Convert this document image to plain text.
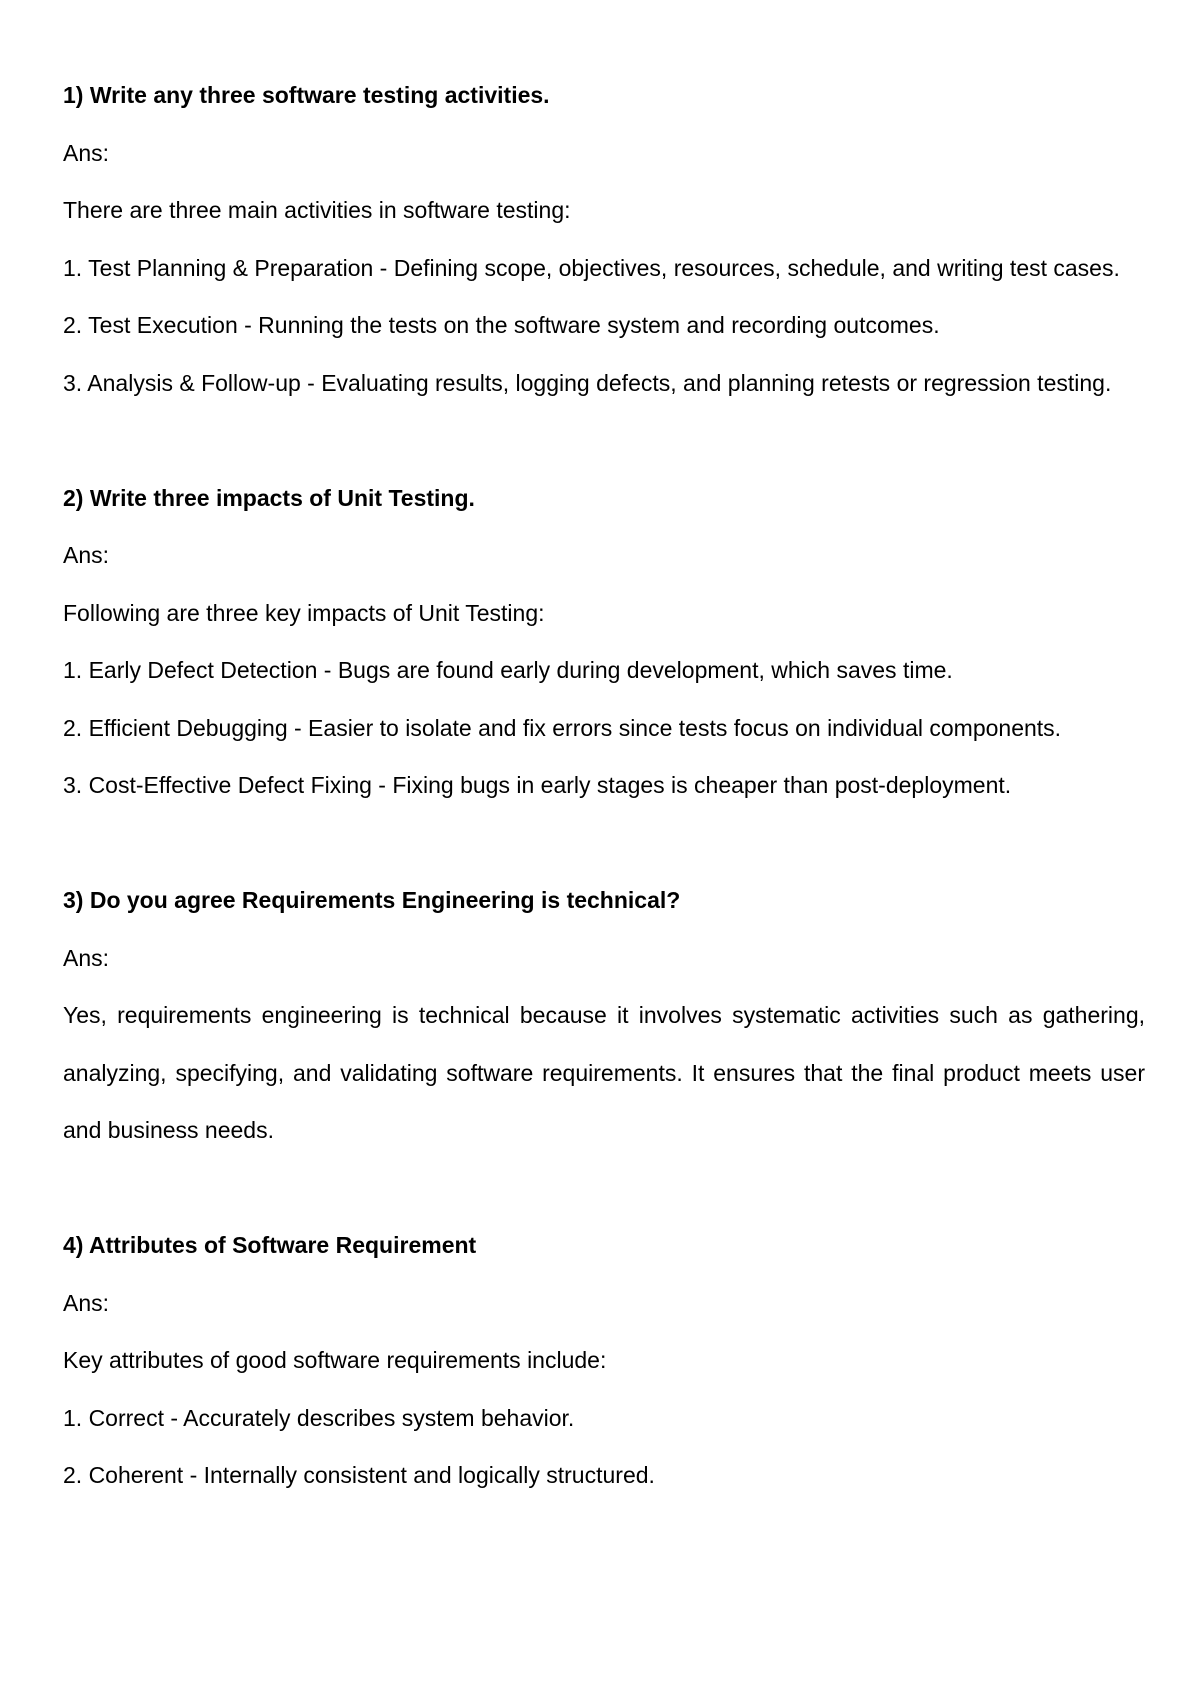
1) Write any three software testing activities.

Ans:

There are three main activities in software testing:

1. Test Planning & Preparation - Defining scope, objectives, resources, schedule, and writing test cases.

2. Test Execution - Running the tests on the software system and recording outcomes.

3. Analysis & Follow-up - Evaluating results, logging defects, and planning retests or regression testing.

2) Write three impacts of Unit Testing.

Ans:

Following are three key impacts of Unit Testing:

1. Early Defect Detection - Bugs are found early during development, which saves time.

2. Efficient Debugging - Easier to isolate and fix errors since tests focus on individual components.

3. Cost-Effective Defect Fixing - Fixing bugs in early stages is cheaper than post-deployment.

3) Do you agree Requirements Engineering is technical?

Ans:

Yes, requirements engineering is technical because it involves systematic activities such as gathering, analyzing, specifying, and validating software requirements. It ensures that the final product meets user and business needs.

4) Attributes of Software Requirement

Ans:

Key attributes of good software requirements include:

1. Correct - Accurately describes system behavior.

2. Coherent - Internally consistent and logically structured.
